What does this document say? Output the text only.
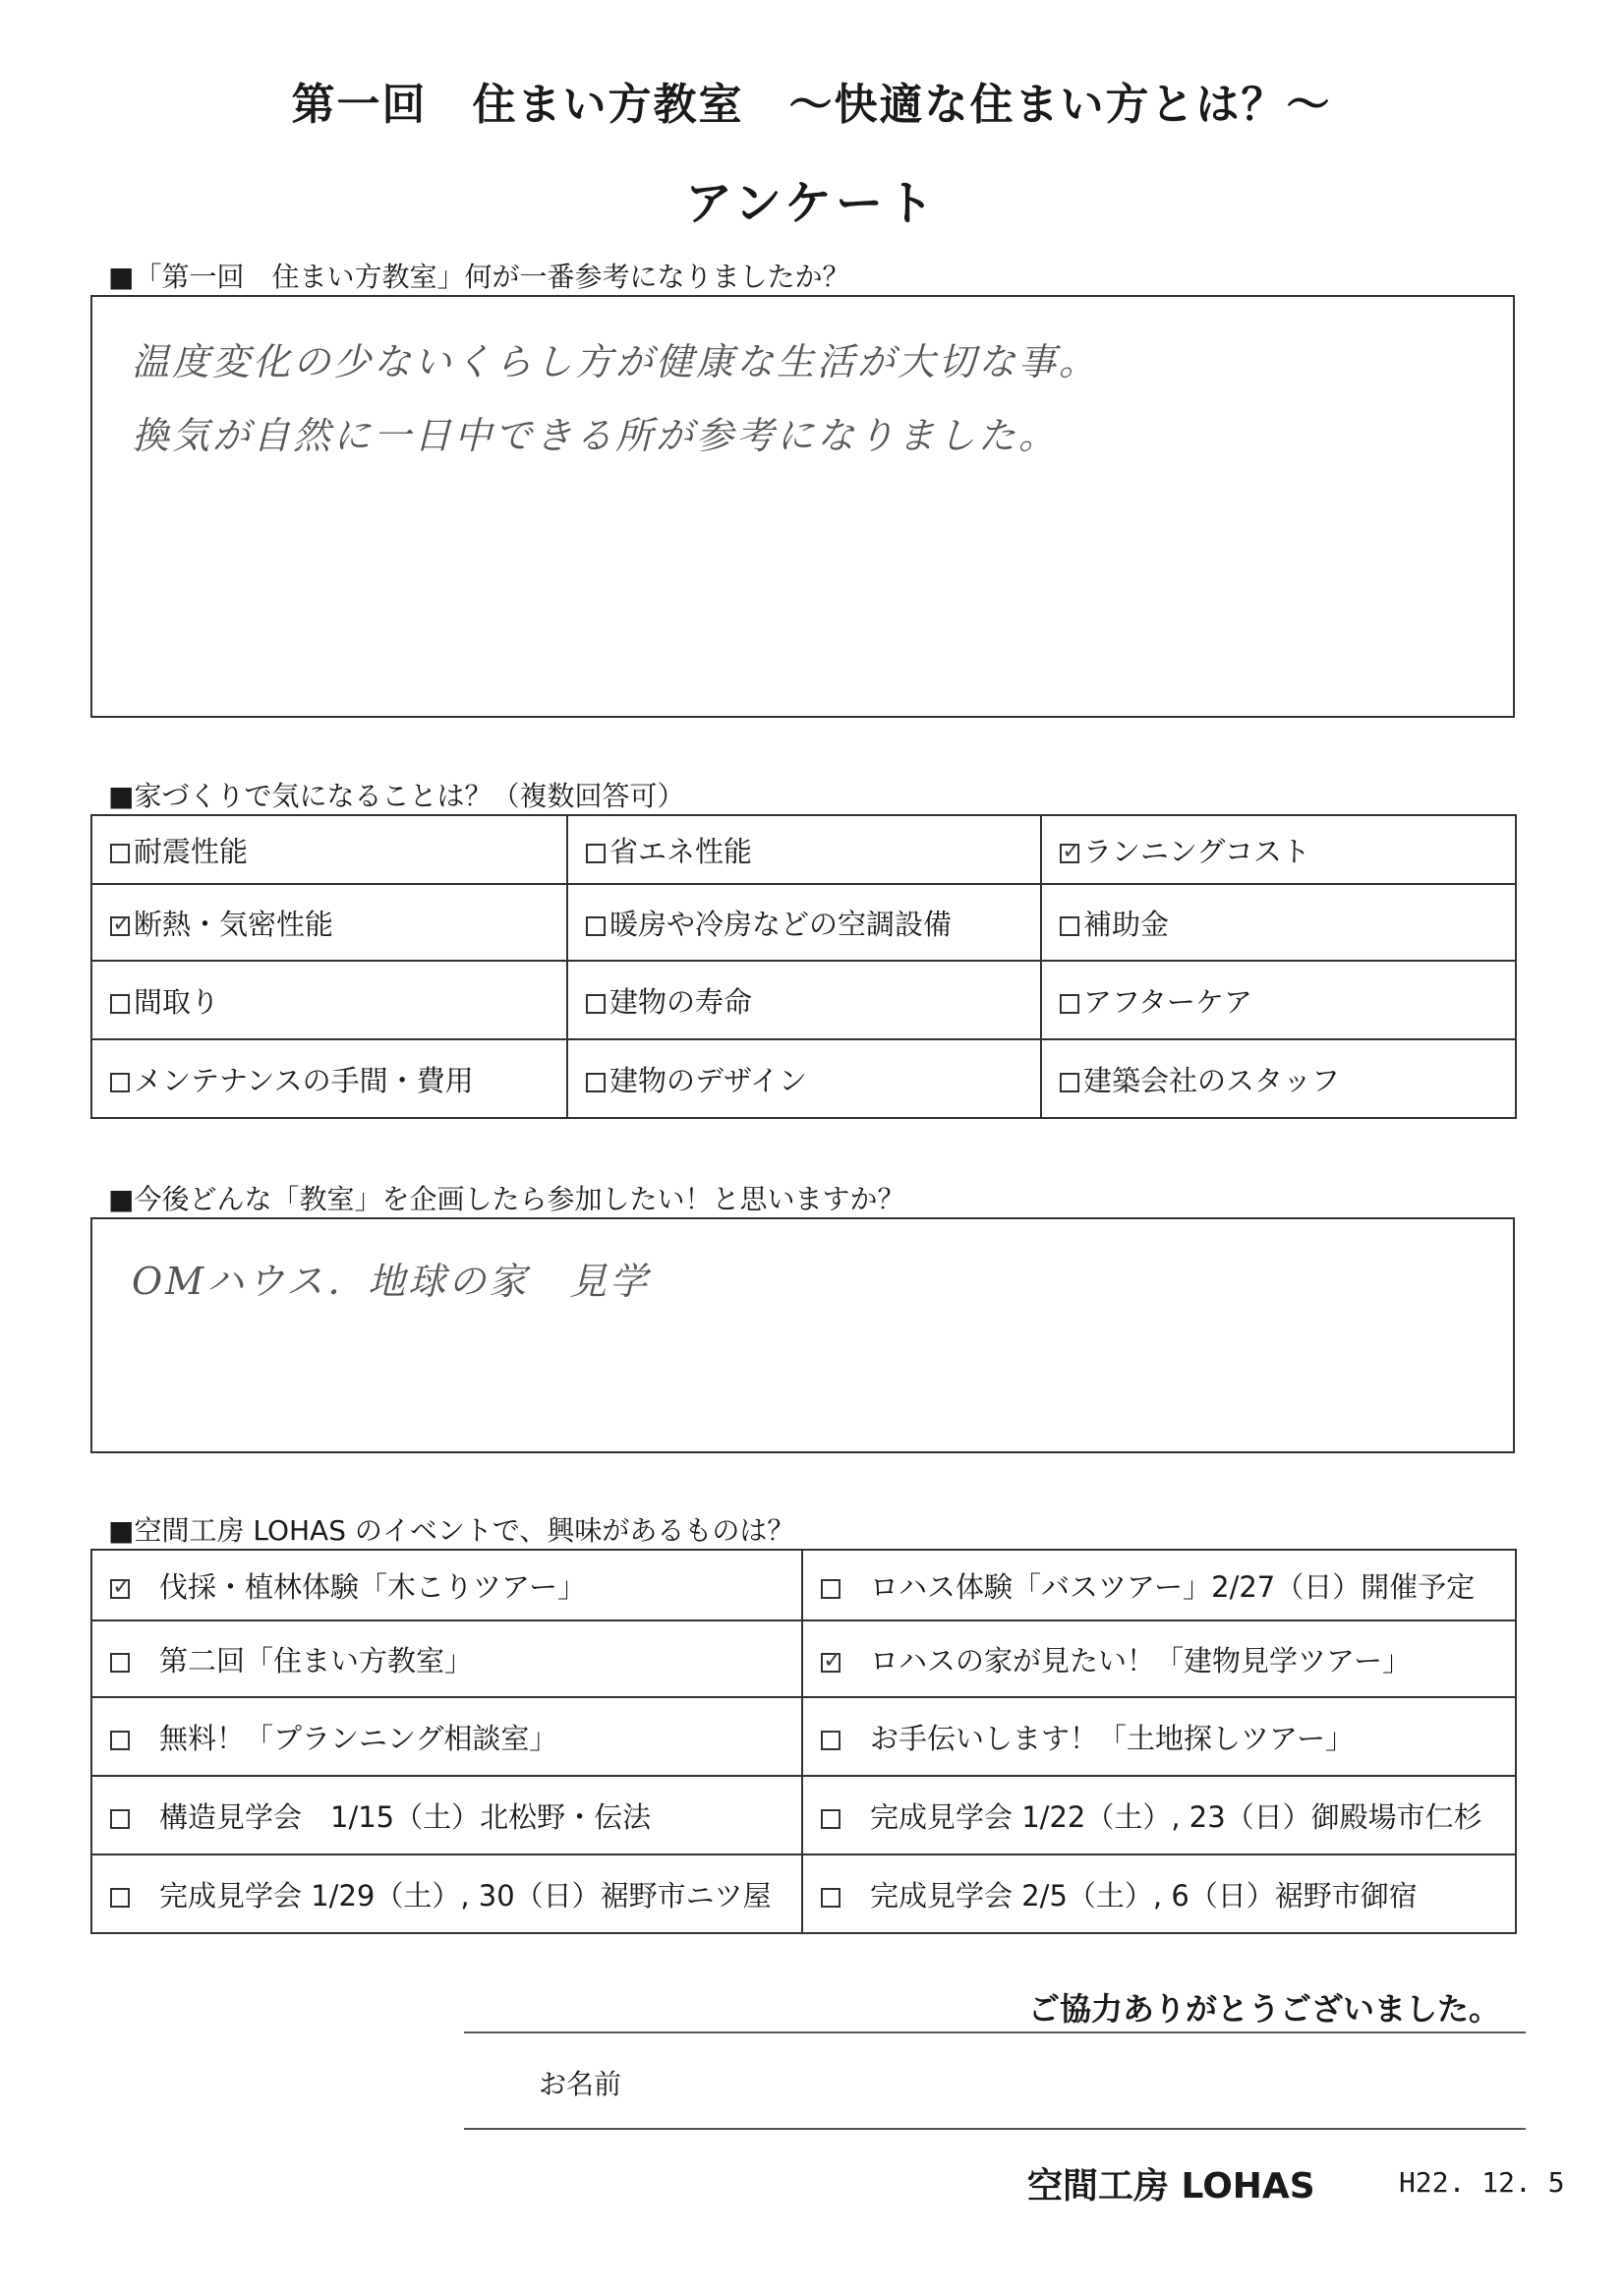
第一回　住まい方教室　～快適な住まい方とは？～
アンケート
■「第一回　住まい方教室」何が一番参考になりましたか？
温度変化の少ないくらし方が健康な生活が大切な事。
換気が自然に一日中できる所が参考になりました。
■家づくりで気になることは？（複数回答可）
耐震性能	省エネ性能	✓ランニングコスト
✓断熱・気密性能	暖房や冷房などの空調設備	補助金
間取り	建物の寿命	アフターケア
メンテナンスの手間・費用	建物のデザイン	建築会社のスタッフ
■今後どんな「教室」を企画したら参加したい！と思いますか？
OMハウス．地球の家　見学
■空間工房 LOHAS のイベントで、興味があるものは？
✓伐採・植林体験「木こりツアー」	ロハス体験「バスツアー」2/27（日）開催予定
第二回「住まい方教室」	✓ロハスの家が見たい！「建物見学ツアー」
無料！「プランニング相談室」	お手伝いします！「土地探しツアー」
構造見学会　1/15（土）北松野・伝法	完成見学会 1/22（土）, 23（日）御殿場市仁杉
完成見学会 1/29（土）, 30（日）裾野市ニツ屋	完成見学会 2/5（土）, 6（日）裾野市御宿
ご協力ありがとうございました。
お名前
空間工房 LOHAS	H22. 12. 5
